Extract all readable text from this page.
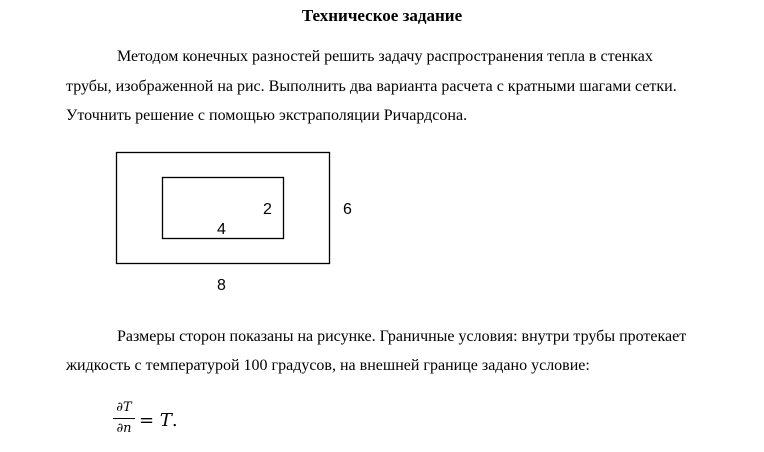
Техническое задание
Методом конечных разностей решить задачу распространения тепла в стенках
трубы, изображенной на рис. Выполнить два варианта расчета с кратными шагами сетки.
Уточнить решение с помощью экстраполяции Ричардсона.
2
4
6
8
Размеры сторон показаны на рисунке. Граничные условия: внутри трубы протекает
жидкость с температурой 100 градусов, на внешней границе задано условие:
∂T
∂n = T.
